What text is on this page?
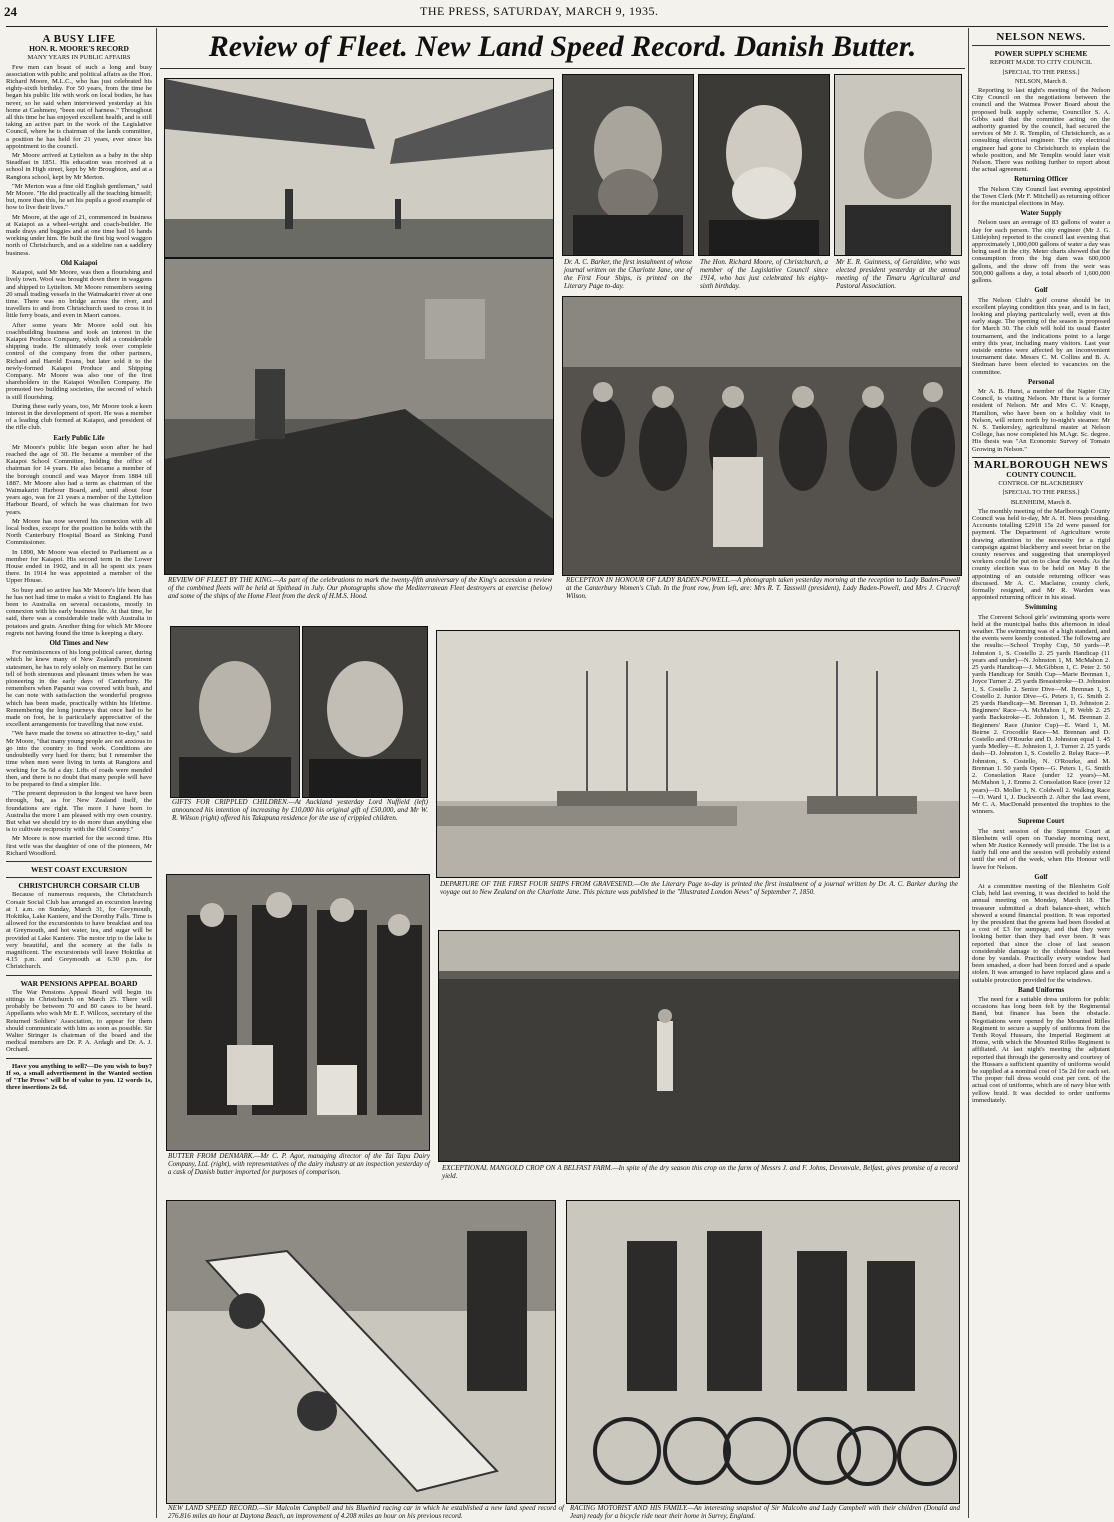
24	THE PRESS, SATURDAY, MARCH 9, 1935.
Review of Fleet. New Land Speed Record. Danish Butter.
A BUSY LIFE
HON. R. MOORE'S RECORD
MANY YEARS IN PUBLIC AFFAIRS

Few men can boast of such a long and busy association with public and political affairs as the Hon. Richard Moore, M.L.C., who has just celebrated his eighty-sixth birthday. For 50 years, from the time he began his public life with work on local bodies, he has never, so he said when interviewed yesterday at his home at Cashmere, "been out of harness." Throughout all this time he has enjoyed excellent health, and is still taking an active part in the work of the Legislative Council, where he is chairman of the lands committee, a position he has held for 21 years, ever since his appointment to the council.

Mr Moore arrived at Lyttelton as a baby in the ship Steadfast in 1851. His education was received at a school in High street, kept by Mr Broughton, and at a Rangiora school, kept by Mr Merton.

"Mr Merton was a fine old English gentleman," said Mr Moore. "He did practically all the teaching himself; but, more than this, he set his pupils a good example of how to live their lives."

Mr Moore, at the age of 21, commenced in business at Kaiapoi as a wheel-wright and coach-builder. He made drays and buggies and at one time had 16 hands working under him. He built the first big wool waggon north of Christchurch, and as a sideline ran a saddlery business.

Old Kaiapoi

Kaiapoi, said Mr Moore, was then a flourishing and lively town. Wool was brought down there in waggons and shipped to Lyttelton. Mr Moore remembers seeing 20 small trading vessels in the Waimakariri river at one time. There was no bridge across the river, and travellers to and from Christchurch used to cross it in little ferry boats, and even in Maori canoes.

After some years Mr Moore sold out his coachbuilding business and took an interest in the Kaiapoi Produce Company, which did a considerable shipping trade. He ultimately took over complete control of the company from the other partners, Richard and Harold Evans, but later sold it to the newly-formed Kaiapoi Produce and Shipping Company. Mr Moore was also one of the first shareholders in the Kaiapoi Woollen Company. He promoted two building societies, the second of which is still flourishing.

During these early years, too, Mr Moore took a keen interest in the development of sport. He was a member of a leading club formed at Kaiapoi, and president of the rifle club.

Early Public Life

Mr Moore's public life began soon after he had reached the age of 30. He became a member of the Kaiapoi School Committee, holding the office of chairman for 14 years. He also became a member of the borough council and was Mayor from 1884 till 1887. Mr Moore also had a term as chairman of the Waimakariri Harbour Board, and, until about four years ago, was for 21 years a member of the Lyttelton Harbour Board, of which he was chairman for two years.

Mr Moore has now severed his connexion with all local bodies, except for the position he holds with the North Canterbury Hospital Board as Sinking Fund Commissioner.

In 1890, Mr Moore was elected to Parliament as a member for Kaiapoi. His second term in the Lower House ended in 1902, and in all he spent six years there. In 1914 he was appointed a member of the Upper House.

So busy and so active has Mr Moore's life been that he has not had time to make a visit to England. He has been to Australia on several occasions, mostly in connexion with his early business life. At that time, he said, there was a considerable trade with Australia in potatoes and grain. Another thing for which Mr Moore regrets not having found the time is keeping a diary.

Old Times and New

For reminiscences of his long political career, during which he knew many of New Zealand's prominent statesmen, he has to rely solely on memory. But he can tell of both strenuous and pleasant times when he was pioneering in the early days of Canterbury. He remembers when Papanui was covered with bush, and he can note with satisfaction the wonderful progress which has been made, practically within his lifetime. Remembering the long journeys that once had to be made on foot, he is particularly appreciative of the excellent arrangements for travelling that now exist.

"We have made the towns so attractive to-day," said Mr Moore, "that many young people are not anxious to go into the country to find work. Conditions are undoubtedly very hard for them; but I remember the time when men were living in tents at Rangiora and working for 5s 6d a day. Lifts of roads were mended then, and there is no doubt that many people will have to be prepared to find a simpler life.

"The present depression is the longest we have been through, but, as for New Zealand itself, the foundations are right. The more I have been to Australia the more I am pleased with my own country. But what we should try to do more than anything else is to cultivate reciprocity with the Old Country."

Mr Moore is now married for the second time. His first wife was the daughter of one of the pioneers, Mr Richard Woodford.

WEST COAST EXCURSION
CHRISTCHURCH CORSAIR CLUB

Because of numerous requests, the Christchurch Corsair Social Club has arranged an excursion leaving at 1 a.m. on Sunday, March 31, for Greymouth, Hokitika, Lake Kaniere, and the Dorothy Falls. Time is allowed for the excursionists to have breakfast and tea at Greymouth, and hot water, tea, and sugar will be provided at Lake Kaniere. The motor trip to the lake is very beautiful, and the scenery at the falls is magnificent. The excursionists will leave Hokitika at 4.15 p.m. and Greymouth at 6.30 p.m. for Christchurch.

WAR PENSIONS APPEAL BOARD

The War Pensions Appeal Board will begin its sittings in Christchurch on March 25. There will probably be between 70 and 80 cases to be heard. Appellants who wish Mr E. F. Willcox, secretary of the Returned Soldiers' Association, to appear for them should communicate with him as soon as possible. Sir Walter Stringer is chairman of the board and the medical members are Dr. P. A. Ardagh and Dr. A. J. Orchard.

Have you anything to sell?—Do you wish to buy? If so, a small advertisement in the Wanted section of "The Press" will be of value to you. 12 words 1s, three insertions 2s 6d.

NELSON NEWS.
POWER SUPPLY SCHEME
REPORT MADE TO CITY COUNCIL
[SPECIAL TO THE PRESS.]
NELSON, March 8.

Reporting to last night's meeting of the Nelson City Council on the negotiations between the council and the Waimea Power Board about the proposed bulk supply scheme, Councillor S. A. Gibbs said that the committee acting on the authority granted by the council, had secured the services of Mr J. R. Templin, of Christchurch, as a consulting electrical engineer. The city electrical engineer had gone to Christchurch to explain the whole position, and Mr Templin would later visit Nelson. There was nothing further to report about the actual agreement.

Returning Officer

The Nelson City Council last evening appointed the Town Clerk (Mr F. Mitchell) as returning officer for the municipal elections in May.

Water Supply

Nelson uses an average of 83 gallons of water a day for each person. The city engineer (Mr J. G. Littlejohn) reported to the council last evening that approximately 1,000,000 gallons of water a day was being used in the city. Meter charts showed that the consumption from the big dam was 600,000 gallons, and the draw off from the weir was 500,000 gallons a day, a total absorb of 1,600,000 gallons.

Golf

The Nelson Club's golf course should be in excellent playing condition this year, and is in fact, looking and playing particularly well, even at this early stage. The opening of the season is proposed for March 30. The club will hold its usual Easter tournament, and the indications point to a large entry this year, including many visitors. Last year outside entries were affected by an inconvenient tournament date. Messrs C. M. Collins and B. A. Stedman have been elected to vacancies on the committee.

Personal

Mr A. B. Hurst, a member of the Napier City Council, is visiting Nelson. Mr Hurst is a former resident of Nelson. Mr and Mrs C. V. Knapp, Hamilton, who have been on a holiday visit to Nelson, will return north by to-night's steamer. Mr N. S. Tankersley, agricultural master at Nelson College, has now completed his M.Agr. Sc. degree. His thesis was "An Economic Survey of Tomato Growing in Nelson."

MARLBOROUGH NEWS
COUNTY COUNCIL
CONTROL OF BLACKBERRY
[SPECIAL TO THE PRESS.]
BLENHEIM, March 8.

The monthly meeting of the Marlborough County Council was held to-day, Mr A. H. Nees presiding. Accounts totalling £2918 15s 2d were passed for payment. The Department of Agriculture wrote drawing attention to the necessity for a rigid campaign against blackberry and sweet briar on the county reserves and suggesting that unemployed workers could be put on to clear the weeds. As the county election was to be held on May 8 the appointing of an outside returning officer was discussed. Mr A. C. Maclaine, county clerk, formally resigned, and Mr R. Warden was appointed returning officer in his stead.

Swimming

The Convent School girls' swimming sports were held at the municipal baths this afternoon in ideal weather. The swimming was of a high standard, and the events were keenly contested. The following are the results:—School Trophy Cup, 50 yards—P. Johnston 1, S. Costello 2. 25 yards Handicap (11 years and under)—N. Johnston 1, M. McMahon 2. 25 yards Handicap—J. McGibbon 1, C. Peter 2. 50 yards Handicap for Smith Cup—Marie Brennan 1, Joyce Turner 2. 25 yards Breaststroke—D. Johnston 1, S. Costello 2. Senior Dive—M. Brennan 1, S. Costello 2. Junior Dive—G. Peters 1, G. Smith 2. 25 yards Handicap—M. Brennan 1, D. Johnston 2. Beginners' Race—A. McMahon 1, P. Webb 2. 25 yards Backstroke—E. Johnston 1, M. Brennan 2. Beginners' Race (Junior Cup)—E. Ward 1, M. Beirne 2. Crocodile Race—M. Brennan and D. Costello and O'Rourke and D. Johnston equal 1. 45 yards Medley—E. Johnston 1, J. Turner 2. 25 yards dash—D. Johnston 1, S. Costello 2. Relay Race—P. Johnston, S. Costello, N. O'Rourke, and M. Brennan 1. 50 yards Open—G. Peters 1, G. Smith 2. Consolation Race (under 12 years)—M. McMahon 1, J. Emms 2. Consolation Race (over 12 years)—D. Moller 1, N. Coldwell 2. Walking Race—O. Ward 1, J. Duckworth 2. After the last event, Mr C. A. MacDonald presented the trophies to the winners.

Supreme Court

The next session of the Supreme Court at Blenheim will open on Tuesday morning next, when Mr Justice Kennedy will preside. The list is a fairly full one and the session will probably extend until the end of the week, when His Honour will leave for Nelson.

Golf

At a committee meeting of the Blenheim Golf Club, held last evening, it was decided to hold the annual meeting on Monday, March 18. The treasurer submitted a draft balance-sheet, which showed a sound financial position. It was reported by the president that the greens had been flooded at a cost of £3 for sumpage, and that they were looking better than they had ever been. It was reported that since the close of last season considerable damage to the clubhouse had been done by vandals. Practically every window had been smashed, a door had been forced and a spade stolen. It was arranged to have replaced glass and a suitable protection provided for the windows.

Band Uniforms

The need for a suitable dress uniform for public occasions has long been felt by the Regimental Band, but finance has been the obstacle. Negotiations were opened by the Mounted Rifles Regiment to secure a supply of uniforms from the Tenth Royal Hussars, the Imperial Regiment at Home, with which the Mounted Rifles Regiment is affiliated. At last night's meeting the adjutant reported that through the generosity and courtesy of the Hussars a sufficient quantity of uniforms would be supplied at a nominal cost of 15s 2d for each set. The proper full dress would cost per cent. of the actual cost of uniforms, which are of navy blue with yellow braid. It was decided to order uniforms immediately.

REVIEW OF FLEET BY THE KING.—As part of the celebrations to mark the twenty-fifth anniversary of the King's accession a review of the combined fleets will be held at Spithead in July. Our photographs show the Mediterranean Fleet destroyers at exercise (below) and some of the ships of the Home Fleet from the deck of H.M.S. Hood.
Dr. A. C. Barker, the first instalment of whose journal written on the Charlotte Jane, one of the First Four Ships, is printed on the Literary Page to-day.
The Hon. Richard Moore, of Christchurch, a member of the Legislative Council since 1914, who has just celebrated his eighty-sixth birthday.
Mr E. R. Guinness, of Geraldine, who was elected president yesterday at the annual meeting of the Timaru Agricultural and Pastoral Association.
RECEPTION IN HONOUR OF LADY BADEN-POWELL.—A photograph taken yesterday morning at the reception to Lady Baden-Powell at the Canterbury Women's Club. In the front row, from left, are: Mrs R. T. Tasswill (president), Lady Baden-Powell, and Mrs J. Cracroft Wilson.
GIFTS FOR CRIPPLED CHILDREN.—At Auckland yesterday Lord Nuffield (left) announced his intention of increasing by £10,000 his original gift of £50,000, and Mr W. R. Wilson (right) offered his Takapuna residence for the use of crippled children.
DEPARTURE OF THE FIRST FOUR SHIPS FROM GRAVESEND.—On the Literary Page to-day is printed the first instalment of a journal written by Dr. A. C. Barker during the voyage out to New Zealand on the Charlotte Jane. This picture was published in the "Illustrated London News" of September 7, 1850.
BUTTER FROM DENMARK.—Mr C. P. Agor, managing director of the Tai Tapu Dairy Company, Ltd. (right), with representatives of the dairy industry at an inspection yesterday of a cask of Danish butter imported for purposes of comparison.	EXCEPTIONAL MANGOLD CROP ON A BELFAST FARM.—In spite of the dry season this crop on the farm of Messrs J. and F. Johns, Devonvale, Belfast, gives promise of a record yield.
NEW LAND SPEED RECORD.—Sir Malcolm Campbell and his Bluebird racing car in which he established a new land speed record of 276.816 miles an hour at Daytona Beach, an improvement of 4.208 miles an hour on his previous record.
RACING MOTORIST AND HIS FAMILY.—An interesting snapshot of Sir Malcolm and Lady Campbell with their children (Donald and Jean) ready for a bicycle ride near their home in Surrey, England.
